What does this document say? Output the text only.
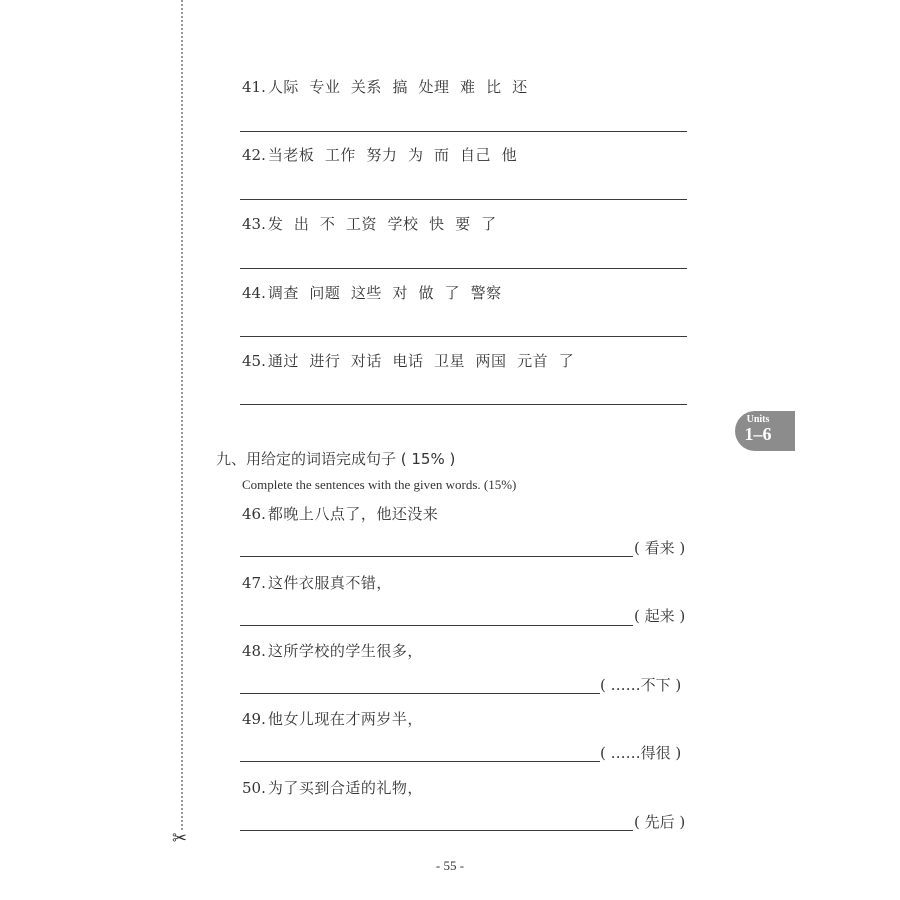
✂
41. 人际  专业  关系  搞  处理  难  比  还
42. 当老板  工作  努力  为  而  自己  他
43. 发  出  不  工资  学校  快  要  了
44. 调查  问题  这些  对  做  了  警察
45. 通过  进行  对话  电话  卫星  两国  元首  了
Units
1–6
九、用给定的词语完成句子 ( 15% )
Complete the sentences with the given words. (15%)
46. 都晚上八点了，他还没来
( 看来 )
47. 这件衣服真不错，
( 起来 )
48. 这所学校的学生很多，
( ……不下 )
49. 他女儿现在才两岁半，
( ……得很 )
50. 为了买到合适的礼物，
( 先后 )
- 55 -
